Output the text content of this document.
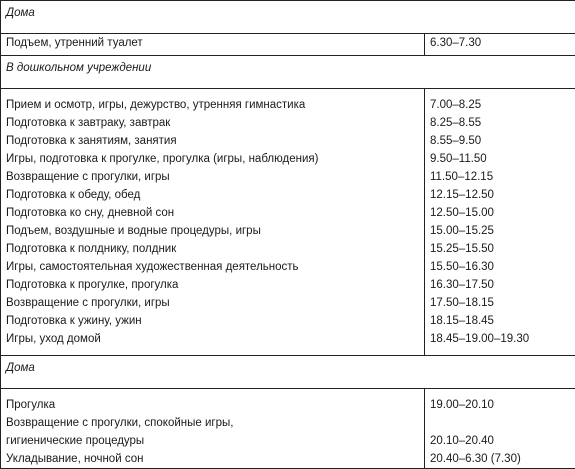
Дома	
Подъем, утренний туалет	6.30–7.30
В дошкольном учреждении	

Прием и осмотр, игры, дежурство, утренняя гимнастика	7.00–8.25
Подготовка к завтраку, завтрак	8.25–8.55
Подготовка к занятиям, занятия	8.55–9.50
Игры, подготовка к прогулке, прогулка (игры, наблюдения)	9.50–11.50
Возвращение с прогулки, игры	11.50–12.15
Подготовка к обеду, обед	12.15–12.50
Подготовка ко сну, дневной сон	12.50–15.00
Подъем, воздушные и водные процедуры, игры	15.00–15.25
Подготовка к полднику, полдник	15.25–15.50
Игры, самостоятельная художественная деятельность	15.50–16.30
Подготовка к прогулке, прогулка	16.30–17.50
Возвращение с прогулки, игры	17.50–18.15
Подготовка к ужину, ужин	18.15–18.45
Игры, уход домой	18.45–19.00–19.30

Дома	

Прогулка	19.00–20.10
Возвращение с прогулки, спокойные игры,	
гигиенические процедуры	20.10–20.40
Укладывание, ночной сон	20.40–6.30 (7.30)
